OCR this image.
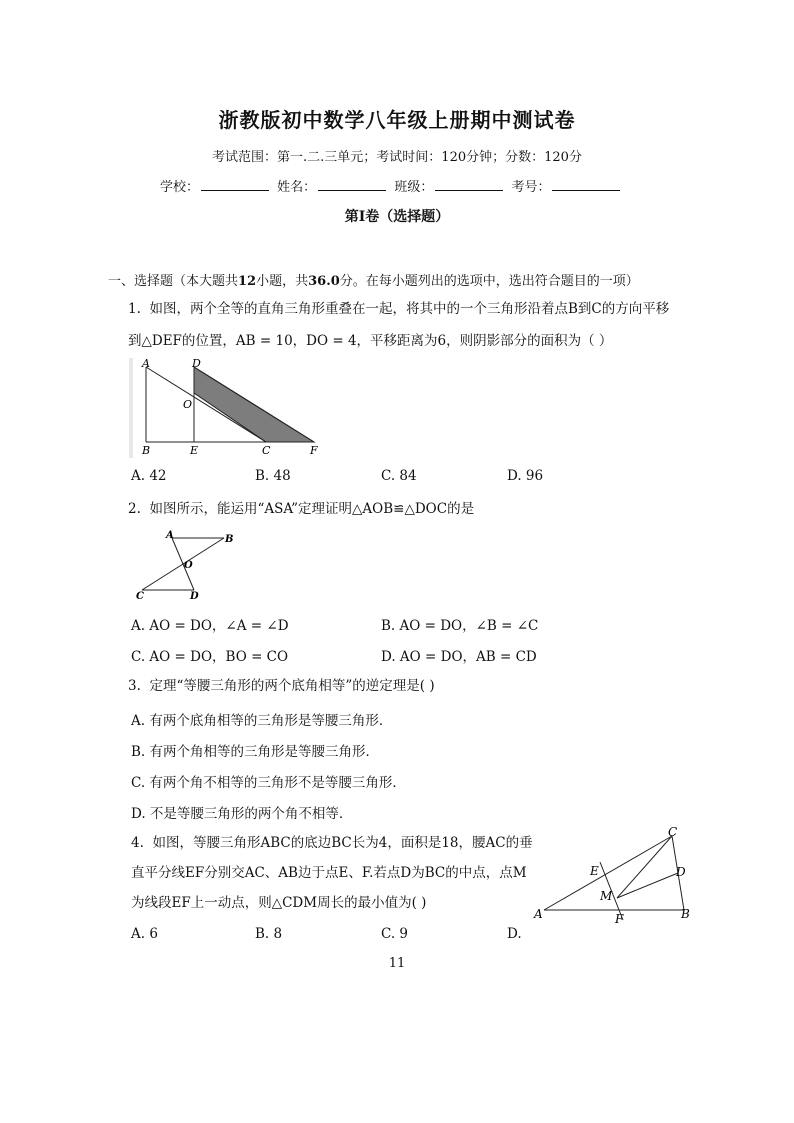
浙教版初中数学八年级上册期中测试卷
考试范围：第一.二.三单元；考试时间：120分钟；分数：120分
学校：	姓名：	班级：	考号：
第I卷（选择题）
一、选择题（本大题共12小题，共36.0分。在每小题列出的选项中，选出符合题目的一项）
1. 如图，两个全等的直角三角形重叠在一起，将其中的一个三角形沿着点B到C的方向平移
到△DEF的位置，AB = 10，DO = 4，平移距离为6，则阴影部分的面积为（ ）
A	D
O
B	E	C	F
A. 42	B. 48	C. 84	D. 96
2. 如图所示，能运用“ASA”定理证明△AOB≌△DOC的是
A	B
O
C	D
A. AO = DO，∠A = ∠D	B. AO = DO，∠B = ∠C
C. AO = DO，BO = CO	D. AO = DO，AB = CD
3. 定理“等腰三角形的两个底角相等”的逆定理是( )
A. 有两个底角相等的三角形是等腰三角形．
B. 有两个角相等的三角形是等腰三角形．
C. 有两个角不相等的三角形不是等腰三角形．
D. 不是等腰三角形的两个角不相等．
4. 如图，等腰三角形ABC的底边BC长为4，面积是18，腰AC的垂
直平分线EF分别交AC、AB边于点E、F.若点D为BC的中点，点M
为线段EF上一动点，则△CDM周长的最小值为( )
C
E	D
M
A	F	B
A. 6	B. 8	C. 9	D.
11
